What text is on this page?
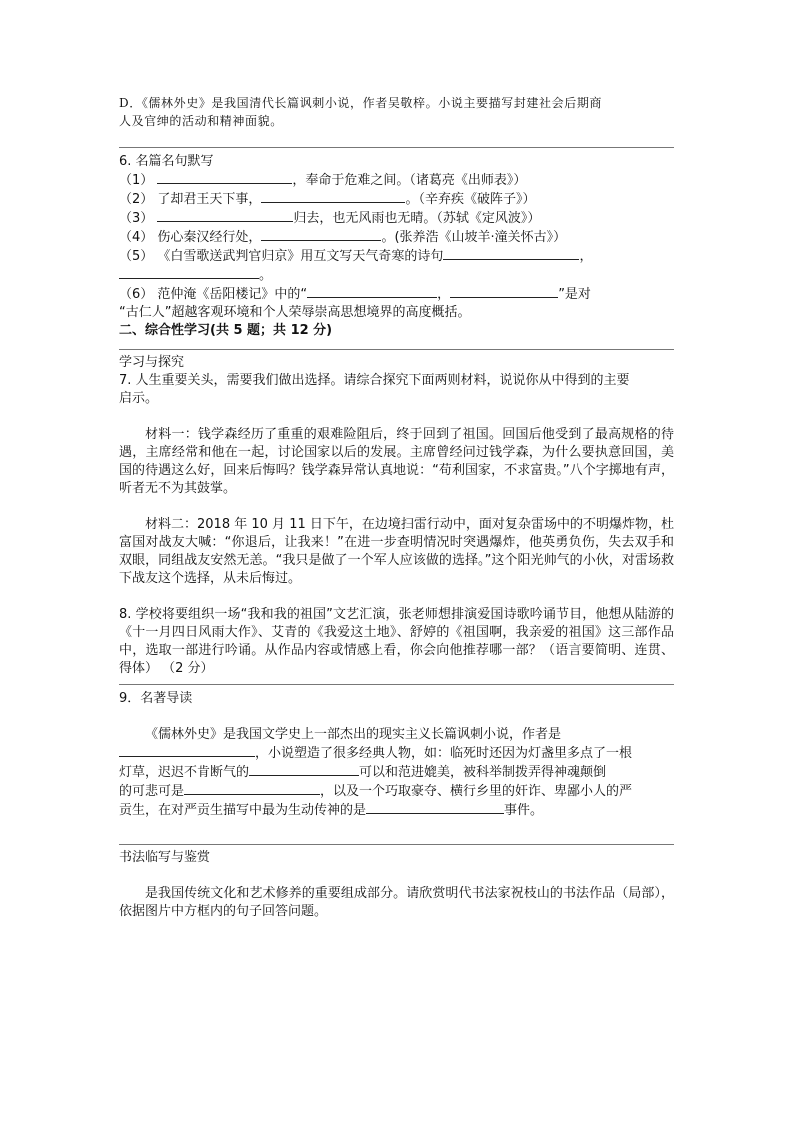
D．《儒林外史》是我国清代长篇讽刺小说，作者吴敬梓。小说主要描写封建社会后期商
人及官绅的活动和精神面貌。
6. 名篇名句默写
（1）	，奉命于危难之间。（诸葛亮《出师表》）
（2） 了却君王天下事，	。（辛弃疾《破阵子》）
（3）	归去，也无风雨也无晴。（苏轼《定风波》）
（4） 伤心秦汉经行处，	。(张养浩《山坡羊·潼关怀古》）
（5） 《白雪歌送武判官归京》用互文写天气奇寒的诗句	，
。
（6） 范仲淹《岳阳楼记》中的“	，	”是对
“古仁人”超越客观环境和个人荣辱崇高思想境界的高度概括。
二、综合性学习(共 5 题；共 12 分)
学习与探究
7. 人生重要关头，需要我们做出选择。请综合探究下面两则材料，说说你从中得到的主要
启示。
材料一：钱学森经历了重重的艰难险阻后，终于回到了祖国。回国后他受到了最高规格的待遇，主席经常和他在一起，讨论国家以后的发展。主席曾经问过钱学森，为什么要执意回国，美国的待遇这么好，回来后悔吗？钱学森异常认真地说：“苟利国家，不求富贵。”八个字掷地有声，听者无不为其鼓掌。
材料二：2018 年 10 月 11 日下午，在边境扫雷行动中，面对复杂雷场中的不明爆炸物，杜富国对战友大喊：“你退后，让我来！”在进一步查明情况时突遇爆炸，他英勇负伤，失去双手和双眼，同组战友安然无恙。“我只是做了一个军人应该做的选择。”这个阳光帅气的小伙，对雷场救下战友这个选择，从未后悔过。
8. 学校将要组织一场“我和我的祖国”文艺汇演，张老师想排演爱国诗歌吟诵节目，他想从陆游的《十一月四日风雨大作》、艾青的《我爱这土地》、舒婷的《祖国啊，我亲爱的祖国》这三部作品中，选取一部进行吟诵。从作品内容或情感上看，你会向他推荐哪一部？（语言要简明、连贯、得体） （2 分）
9．名著导读
《儒林外史》是我国文学史上一部杰出的现实主义长篇讽刺小说，作者是
，小说塑造了很多经典人物，如：临死时还因为灯盏里多点了一根
灯草，迟迟不肯断气的	可以和范进媲美，被科举制拨弄得神魂颠倒
的可悲可是	，以及一个巧取豪夺、横行乡里的奸诈、卑鄙小人的严
贡生，在对严贡生描写中最为生动传神的是	事件。
书法临写与鉴赏
是我国传统文化和艺术修养的重要组成部分。请欣赏明代书法家祝枝山的书法作品（局部），依据图片中方框内的句子回答问题。
